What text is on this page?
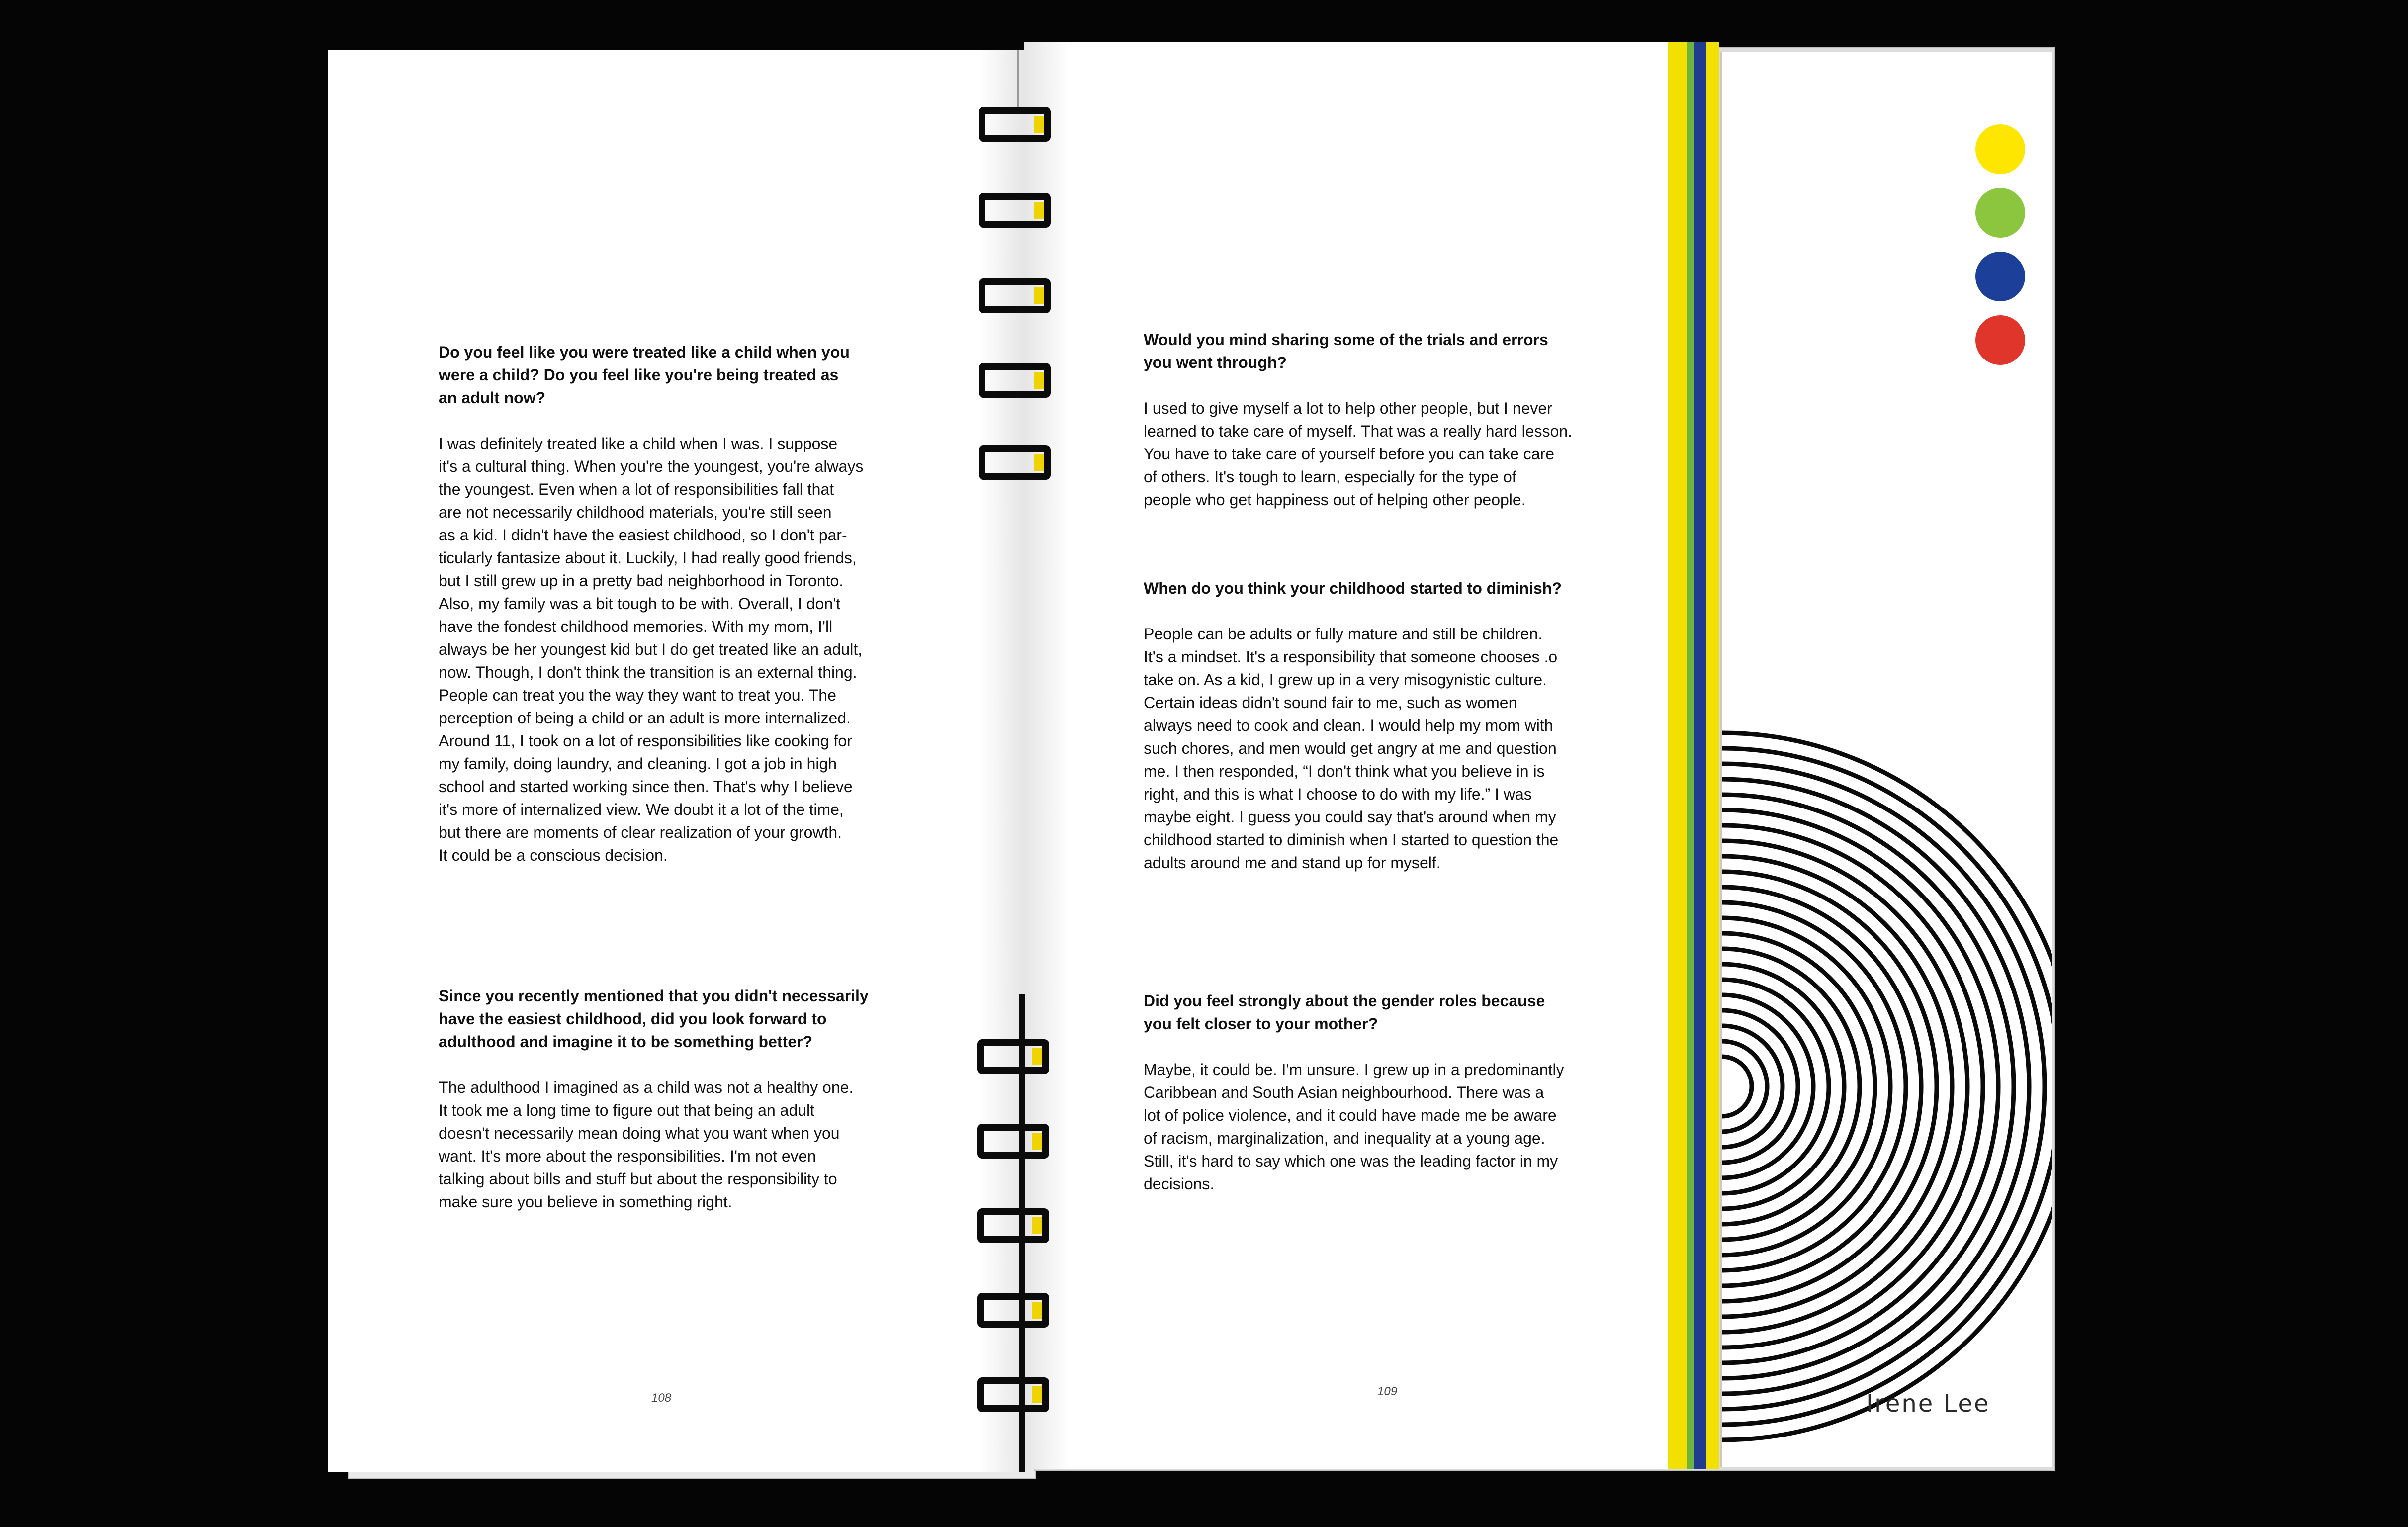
Do you feel like you were treated like a child when you
were a child? Do you feel like you're being treated as
an adult now?

I was definitely treated like a child when I was. I suppose
it's a cultural thing. When you're the youngest, you're always
the youngest. Even when a lot of responsibilities fall that
are not necessarily childhood materials, you're still seen
as a kid. I didn't have the easiest childhood, so I don't par-
ticularly fantasize about it. Luckily, I had really good friends,
but I still grew up in a pretty bad neighborhood in Toronto.
Also, my family was a bit tough to be with. Overall, I don't
have the fondest childhood memories. With my mom, I'll
always be her youngest kid but I do get treated like an adult,
now. Though, I don't think the transition is an external thing.
People can treat you the way they want to treat you. The
perception of being a child or an adult is more internalized.
Around 11, I took on a lot of responsibilities like cooking for
my family, doing laundry, and cleaning. I got a job in high
school and started working since then. That's why I believe
it's more of internalized view. We doubt it a lot of the time,
but there are moments of clear realization of your growth.
It could be a conscious decision.

Since you recently mentioned that you didn't necessarily
have the easiest childhood, did you look forward to
adulthood and imagine it to be something better?

The adulthood I imagined as a child was not a healthy one.
It took me a long time to figure out that being an adult
doesn't necessarily mean doing what you want when you
want. It's more about the responsibilities. I'm not even
talking about bills and stuff but about the responsibility to
make sure you believe in something right.

108

Would you mind sharing some of the trials and errors
you went through?

I used to give myself a lot to help other people, but I never
learned to take care of myself. That was a really hard lesson.
You have to take care of yourself before you can take care
of others. It's tough to learn, especially for the type of
people who get happiness out of helping other people.

When do you think your childhood started to diminish?

People can be adults or fully mature and still be children.
It's a mindset. It's a responsibility that someone chooses .o
take on. As a kid, I grew up in a very misogynistic culture.
Certain ideas didn't sound fair to me, such as women
always need to cook and clean. I would help my mom with
such chores, and men would get angry at me and question
me. I then responded, “I don't think what you believe in is
right, and this is what I choose to do with my life.” I was
maybe eight. I guess you could say that's around when my
childhood started to diminish when I started to question the
adults around me and stand up for myself.

Did you feel strongly about the gender roles because
you felt closer to your mother?

Maybe, it could be. I'm unsure. I grew up in a predominantly
Caribbean and South Asian neighbourhood. There was a
lot of police violence, and it could have made me be aware
of racism, marginalization, and inequality at a young age.
Still, it's hard to say which one was the leading factor in my
decisions.

109	Irene Lee
